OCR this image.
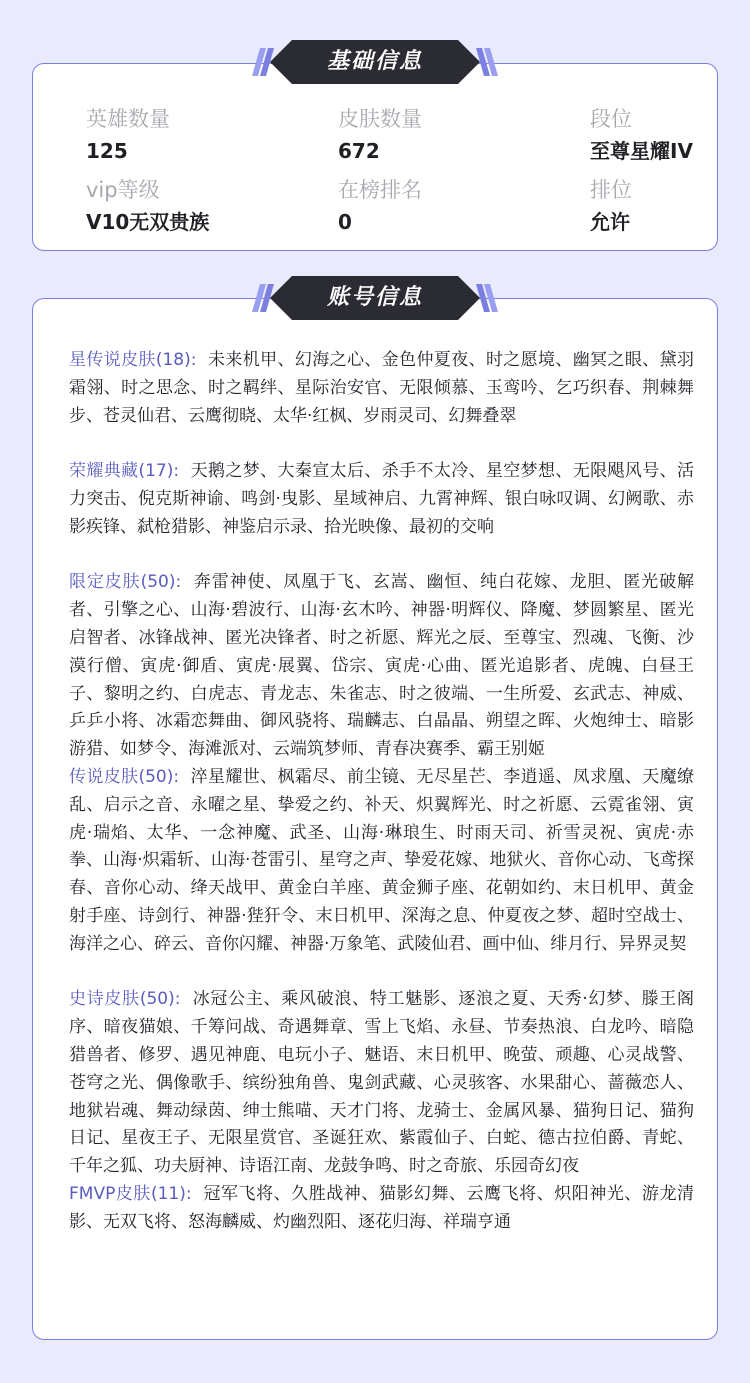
英雄数量
125
皮肤数量
672
段位
至尊星耀IV
vip等级
V10无双贵族
在榜排名
0
排位
允许
基础信息

星传说皮肤(18): 未来机甲、幻海之心、金色仲夏夜、时之愿境、幽冥之眼、黛羽霜翎、时之思念、时之羁绊、星际治安官、无限倾慕、玉鸾吟、乞巧织春、荆棘舞步、苍灵仙君、云鹰彻晓、太华·红枫、岁雨灵司、幻舞叠翠

荣耀典藏(17): 天鹅之梦、大秦宣太后、杀手不太冷、星空梦想、无限飓风号、活力突击、倪克斯神谕、鸣剑·曳影、星域神启、九霄神辉、银白咏叹调、幻阙歌、赤影疾锋、弑枪猎影、神鉴启示录、拾光映像、最初的交响

限定皮肤(50): 奔雷神使、凤凰于飞、玄嵩、幽恒、纯白花嫁、龙胆、匿光破解者、引擎之心、山海·碧波行、山海·玄木吟、神器·明辉仪、降魔、梦圆繁星、匿光启智者、冰锋战神、匿光决锋者、时之祈愿、辉光之辰、至尊宝、烈魂、飞衡、沙漠行僧、寅虎·御盾、寅虎·展翼、岱宗、寅虎·心曲、匿光追影者、虎魄、白昼王子、黎明之约、白虎志、青龙志、朱雀志、时之彼端、一生所爱、玄武志、神威、乒乒小将、冰霜恋舞曲、御风骁将、瑞麟志、白晶晶、朔望之晖、火炮绅士、暗影游猎、如梦令、海滩派对、云端筑梦师、青春决赛季、霸王别姬

传说皮肤(50): 淬星耀世、枫霜尽、前尘镜、无尽星芒、李逍遥、凤求凰、天魔缭乱、启示之音、永曜之星、挚爱之约、补天、炽翼辉光、时之祈愿、云霓雀翎、寅虎·瑞焰、太华、一念神魔、武圣、山海·琳琅生、时雨天司、祈雪灵祝、寅虎·赤拳、山海·炽霜斩、山海·苍雷引、星穹之声、挚爱花嫁、地狱火、音你心动、飞鸢探春、音你心动、绛天战甲、黄金白羊座、黄金狮子座、花朝如约、末日机甲、黄金射手座、诗剑行、神器·狴犴令、末日机甲、深海之息、仲夏夜之梦、超时空战士、海洋之心、碎云、音你闪耀、神器·万象笔、武陵仙君、画中仙、绯月行、异界灵契

史诗皮肤(50): 冰冠公主、乘风破浪、特工魅影、逐浪之夏、天秀·幻梦、滕王阁序、暗夜猫娘、千筹问战、奇遇舞章、雪上飞焰、永昼、节奏热浪、白龙吟、暗隐猎兽者、修罗、遇见神鹿、电玩小子、魅语、末日机甲、晚萤、顽趣、心灵战警、苍穹之光、偶像歌手、缤纷独角兽、鬼剑武藏、心灵骇客、水果甜心、蔷薇恋人、地狱岩魂、舞动绿茵、绅士熊喵、天才门将、龙骑士、金属风暴、猫狗日记、猫狗日记、星夜王子、无限星赏官、圣诞狂欢、紫霞仙子、白蛇、德古拉伯爵、青蛇、千年之狐、功夫厨神、诗语江南、龙鼓争鸣、时之奇旅、乐园奇幻夜

FMVP皮肤(11): 冠军飞将、久胜战神、猫影幻舞、云鹰飞将、炽阳神光、游龙清影、无双飞将、怒海麟威、灼幽烈阳、逐花归海、祥瑞亨通

账号信息
